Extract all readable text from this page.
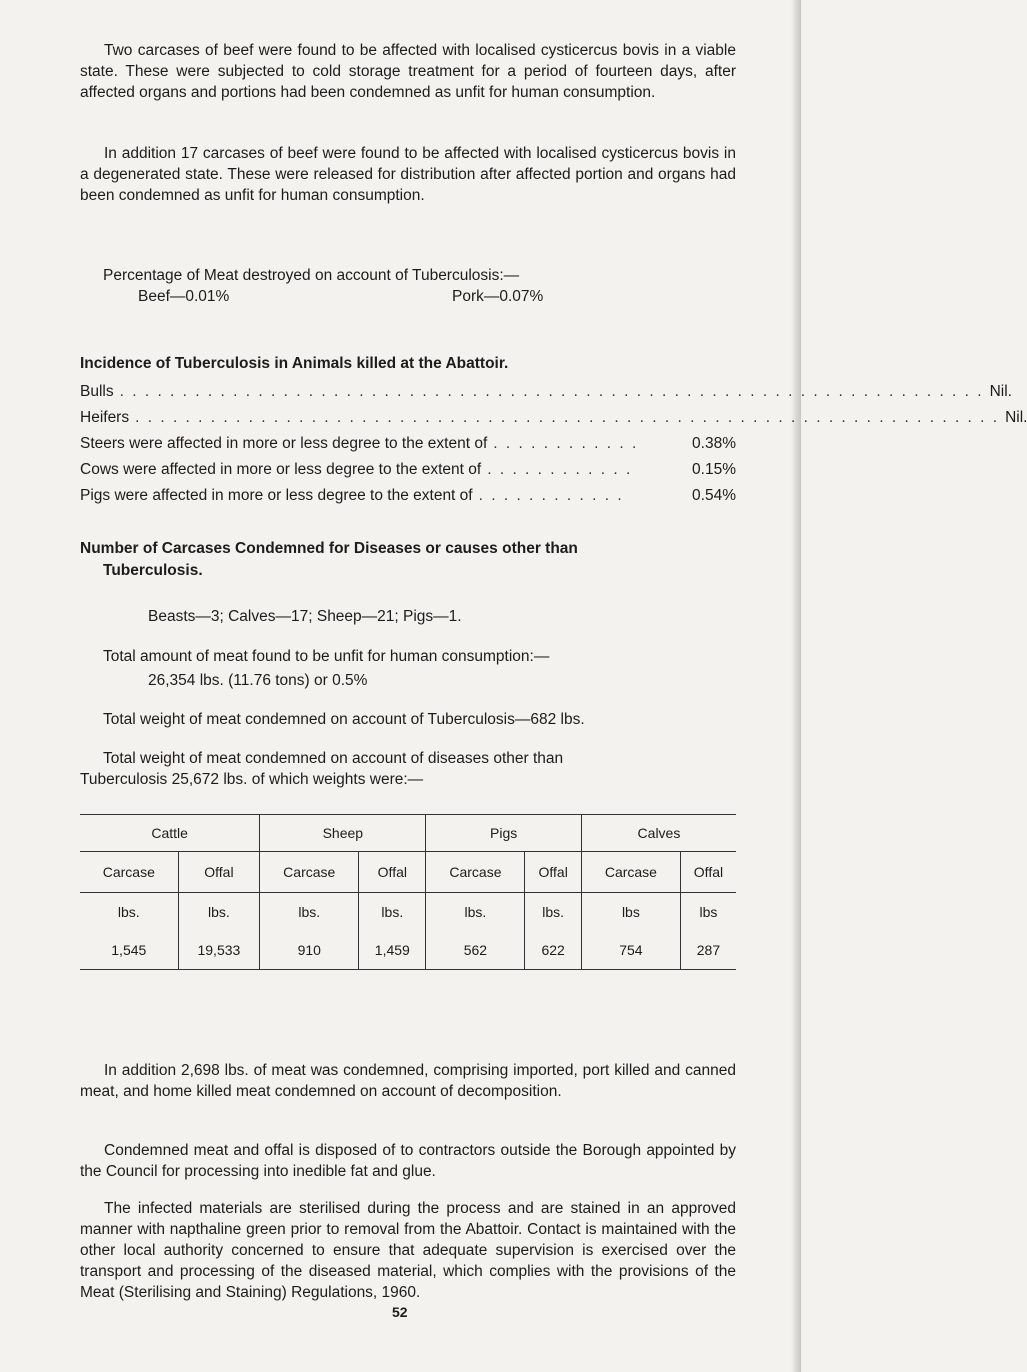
Two carcases of beef were found to be affected with localised cysticercus bovis in a viable state. These were subjected to cold storage treatment for a period of fourteen days, after affected organs and portions had been condemned as unfit for human consumption.

In addition 17 carcases of beef were found to be affected with localised cysticercus bovis in a degenerated state. These were released for distribution after affected portion and organs had been condemned as unfit for human consumption.

Percentage of Meat destroyed on account of Tuberculosis:—
Beef—0.01%	Pork—0.07%
Incidence of Tuberculosis in Animals killed at the Abattoir.
Bulls . . . . . . . . . . . . . . . . . . . . . . . . . . . . . . . . . . . . . . . . . . . . . . . . . . . . . . . . . . . . . . . . . . . . . Nil.
Heifers . . . . . . . . . . . . . . . . . . . . . . . . . . . . . . . . . . . . . . . . . . . . . . . . . . . . . . . . . . . . . . . . . . . . . Nil.
Steers were affected in more or less degree to the extent of . . . . . . . . . . . .	0.38%
Cows were affected in more or less degree to the extent of . . . . . . . . . . . .	0.15%
Pigs were affected in more or less degree to the extent of . . . . . . . . . . . .	0.54%
Number of Carcases Condemned for Diseases or causes other than
Tuberculosis.
Beasts—3; Calves—17; Sheep—21; Pigs—1.
Total amount of meat found to be unfit for human consumption:—
26,354 lbs. (11.76 tons) or 0.5%
Total weight of meat condemned on account of Tuberculosis—682 lbs.
Total weight of meat condemned on account of diseases other than
Tuberculosis 25,672 lbs. of which weights were:—
Cattle		Sheep		Pigs		Calves	
Carcase	Offal	Carcase	Offal	Carcase	Offal	Carcase	Offal
lbs.	lbs.	lbs.	lbs.	lbs.	lbs.	lbs	lbs
1,545	19,533	910	1,459	562	622	754	287

In addition 2,698 lbs. of meat was condemned, comprising imported, port killed and canned meat, and home killed meat condemned on account of decomposition.

Condemned meat and offal is disposed of to contractors outside the Borough appointed by the Council for processing into inedible fat and glue.

The infected materials are sterilised during the process and are stained in an approved manner with napthaline green prior to removal from the Abattoir. Contact is maintained with the other local authority concerned to ensure that adequate supervision is exercised over the transport and processing of the diseased material, which complies with the provisions of the Meat (Sterilising and Staining) Regulations, 1960.

52
